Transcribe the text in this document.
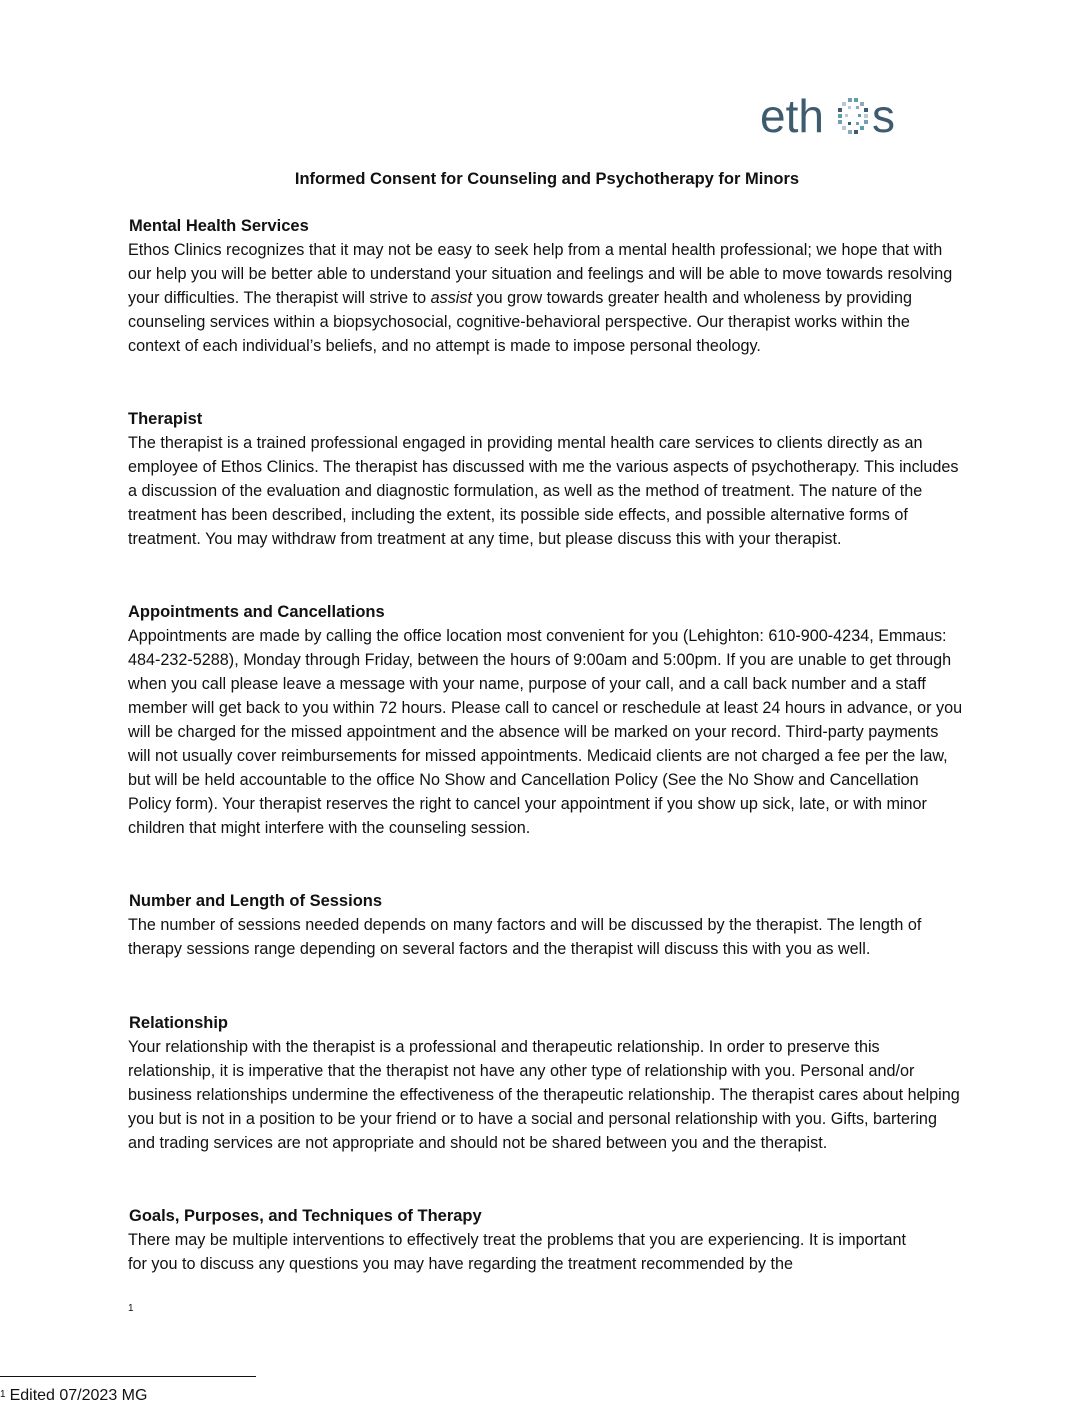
eth s
Informed Consent for Counseling and Psychotherapy for Minors
Mental Health Services

Ethos Clinics recognizes that it may not be easy to seek help from a mental health professional; we hope that with our help you will be better able to understand your situation and feelings and will be able to move towards resolving your difficulties. The therapist will strive to assist you grow towards greater health and wholeness by providing counseling services within a biopsychosocial, cognitive-behavioral perspective. Our therapist works within the context of each individual’s beliefs, and no attempt is made to impose personal theology.

Therapist

The therapist is a trained professional engaged in providing mental health care services to clients directly as an employee of Ethos Clinics. The therapist has discussed with me the various aspects of psychotherapy. This includes a discussion of the evaluation and diagnostic formulation, as well as the method of treatment. The nature of the treatment has been described, including the extent, its possible side effects, and possible alternative forms of treatment. You may withdraw from treatment at any time, but please discuss this with your therapist.

Appointments and Cancellations

Appointments are made by calling the office location most convenient for you (Lehighton: 610-900-4234, Emmaus: 484-232-5288), Monday through Friday, between the hours of 9:00am and 5:00pm. If you are unable to get through when you call please leave a message with your name, purpose of your call, and a call back number and a staff member will get back to you within 72 hours. Please call to cancel or reschedule at least 24 hours in advance, or you will be charged for the missed appointment and the absence will be marked on your record. Third-party payments will not usually cover reimbursements for missed appointments. Medicaid clients are not charged a fee per the law, but will be held accountable to the office No Show and Cancellation Policy (See the No Show and Cancellation Policy form). Your therapist reserves the right to cancel your appointment if you show up sick, late, or with minor children that might interfere with the counseling session.

Number and Length of Sessions

The number of sessions needed depends on many factors and will be discussed by the therapist. The length of therapy sessions range depending on several factors and the therapist will discuss this with you as well.

Relationship

Your relationship with the therapist is a professional and therapeutic relationship. In order to preserve this relationship, it is imperative that the therapist not have any other type of relationship with you. Personal and/or business relationships undermine the effectiveness of the therapeutic relationship. The therapist cares about helping you but is not in a position to be your friend or to have a social and personal relationship with you. Gifts, bartering and trading services are not appropriate and should not be shared between you and the therapist.

Goals, Purposes, and Techniques of Therapy

There may be multiple interventions to effectively treat the problems that you are experiencing. It is important for you to discuss any questions you may have regarding the treatment recommended by the

1
$^1$ Edited 07/2023 MG
